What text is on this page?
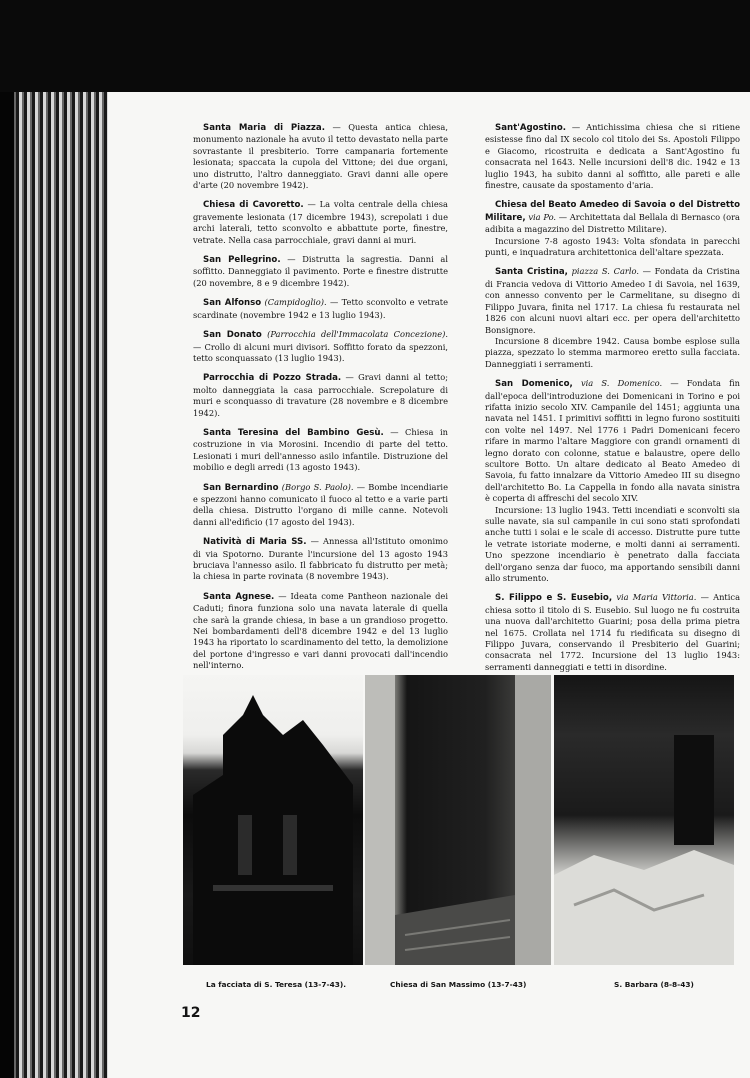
Santa Maria di Piazza. — Questa antica chiesa, monumento nazionale ha avuto il tetto devastato nella parte sovrastante il presbiterio. Torre campanaria fortemente lesionata; spaccata la cupola del Vittone; dei due organi, uno distrutto, l'altro danneggiato. Gravi danni alle opere d'arte (20 novembre 1942).

Chiesa di Cavoretto. — La volta centrale della chiesa gravemente lesionata (17 dicembre 1943), screpolati i due archi laterali, tetto sconvolto e abbattute porte, finestre, vetrate. Nella casa parrocchiale, gravi danni ai muri.

San Pellegrino. — Distrutta la sagrestia. Danni al soffitto. Danneggiato il pavimento. Porte e finestre distrutte (20 novembre, 8 e 9 dicembre 1942).

San Alfonso (Campidoglio). — Tetto sconvolto e vetrate scardinate (novembre 1942 e 13 luglio 1943).

San Donato (Parrocchia dell'Immacolata Concezione). — Crollo di alcuni muri divisori. Soffitto forato da spezzoni, tetto sconquassato (13 luglio 1943).

Parrocchia di Pozzo Strada. — Gravi danni al tetto; molto danneggiata la casa parrocchiale. Screpolature di muri e sconquasso di travature (28 novembre e 8 dicembre 1942).

Santa Teresina del Bambino Gesù. — Chiesa in costruzione in via Morosini. Incendio di parte del tetto. Lesionati i muri dell'annesso asilo infantile. Distruzione del mobilio e degli arredi (13 agosto 1943).

San Bernardino (Borgo S. Paolo). — Bombe incendiarie e spezzoni hanno comunicato il fuoco al tetto e a varie parti della chiesa. Distrutto l'organo di mille canne. Notevoli danni all'edificio (17 agosto del 1943).

Natività di Maria SS. — Annessa all'Istituto omonimo di via Spotorno. Durante l'incursione del 13 agosto 1943 bruciava l'annesso asilo. Il fabbricato fu distrutto per metà; la chiesa in parte rovinata (8 novembre 1943).

Santa Agnese. — Ideata come Pantheon nazionale dei Caduti; finora funziona solo una navata laterale di quella che sarà la grande chiesa, in base a un grandioso progetto. Nei bombardamenti dell'8 dicembre 1942 e del 13 luglio 1943 ha riportato lo scardinamento del tetto, la demolizione del portone d'ingresso e vari danni provocati dall'incendio nell'interno.

Sant'Agostino. — Antichissima chiesa che si ritiene esistesse fino dal IX secolo col titolo dei Ss. Apostoli Filippo e Giacomo, ricostruita e dedicata a Sant'Agostino fu consacrata nel 1643. Nelle incursioni dell'8 dic. 1942 e 13 luglio 1943, ha subito danni al soffitto, alle pareti e alle finestre, causate da spostamento d'aria.

Chiesa del Beato Amedeo di Savoia o del Distretto Militare, via Po. — Architettata dal Bellala di Bernasco (ora adibita a magazzino del Distretto Militare).

Incursione 7-8 agosto 1943: Volta sfondata in parecchi punti, e inquadratura architettonica dell'altare spezzata.

Santa Cristina, piazza S. Carlo. — Fondata da Cristina di Francia vedova di Vittorio Amedeo I di Savoia, nel 1639, con annesso convento per le Carmelitane, su disegno di Filippo Juvara, finita nel 1717. La chiesa fu restaurata nel 1826 con alcuni nuovi altari ecc. per opera dell'architetto Bonsignore.

Incursione 8 dicembre 1942. Causa bombe esplose sulla piazza, spezzato lo stemma marmoreo eretto sulla facciata. Danneggiati i serramenti.

San Domenico, via S. Domenico. — Fondata fin dall'epoca dell'introduzione dei Domenicani in Torino e poi rifatta inizio secolo XIV. Campanile del 1451; aggiunta una navata nel 1451. I primitivi soffitti in legno furono sostituiti con volte nel 1497. Nel 1776 i Padri Domenicani fecero rifare in marmo l'altare Maggiore con grandi ornamenti di legno dorato con colonne, statue e balaustre, opere dello scultore Botto. Un altare dedicato al Beato Amedeo di Savoia, fu fatto innalzare da Vittorio Amedeo III su disegno dell'architetto Bo. La Cappella in fondo alla navata sinistra è coperta di affreschi del secolo XIV.

Incursione: 13 luglio 1943. Tetti incendiati e sconvolti sia sulle navate, sia sul campanile in cui sono stati sprofondati anche tutti i solai e le scale di accesso. Distrutte pure tutte le vetrate istoriate moderne, e molti danni ai serramenti. Uno spezzone incendiario è penetrato dalla facciata dell'organo senza dar fuoco, ma apportando sensibili danni allo strumento.

S. Filippo e S. Eusebio, via Maria Vittoria. — Antica chiesa sotto il titolo di S. Eusebio. Sul luogo ne fu costruita una nuova dall'architetto Guarini; posa della prima pietra nel 1675. Crollata nel 1714 fu riedificata su disegno di Filippo Juvara, conservando il Presbiterio del Guarini; consacrata nel 1772. Incursione del 13 luglio 1943: serramenti danneggiati e tetti in disordine.

La facciata di S. Teresa (13-7-43).	Chiesa di San Massimo (13-7-43)	S. Barbara (8-8-43)
12
